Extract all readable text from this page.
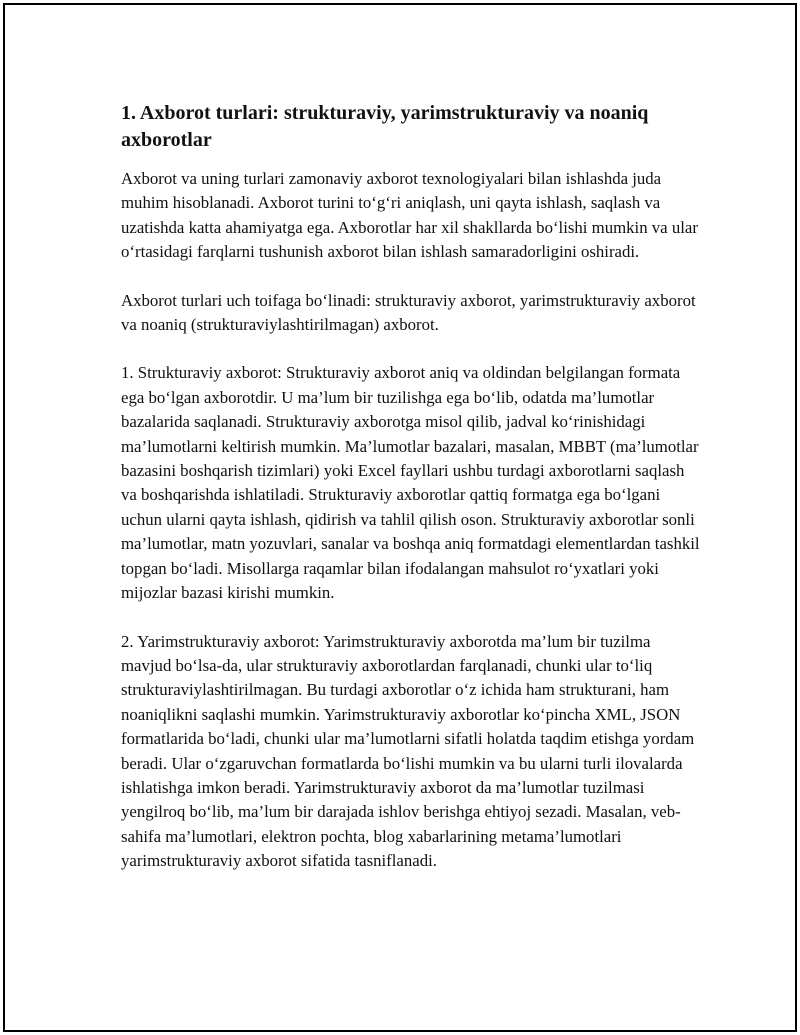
1. Axborot turlari: strukturaviy, yarimstrukturaviy va noaniq axborotlar

Axborot va uning turlari zamonaviy axborot texnologiyalari bilan ishlashda juda muhim hisoblanadi. Axborot turini to‘g‘ri aniqlash, uni qayta ishlash, saqlash va uzatishda katta ahamiyatga ega. Axborotlar har xil shakllarda bo‘lishi mumkin va ular o‘rtasidagi farqlarni tushunish axborot bilan ishlash samaradorligini oshiradi.

Axborot turlari uch toifaga bo‘linadi: strukturaviy axborot, yarimstrukturaviy axborot va noaniq (strukturaviylashtirilmagan) axborot.

1. Strukturaviy axborot: Strukturaviy axborot aniq va oldindan belgilangan formata ega bo‘lgan axborotdir. U ma’lum bir tuzilishga ega bo‘lib, odatda ma’lumotlar bazalarida saqlanadi. Strukturaviy axborotga misol qilib, jadval ko‘rinishidagi ma’lumotlarni keltirish mumkin. Ma’lumotlar bazalari, masalan, MBBT (ma’lumotlar bazasini boshqarish tizimlari) yoki Excel fayllari ushbu turdagi axborotlarni saqlash va boshqarishda ishlatiladi. Strukturaviy axborotlar qattiq formatga ega bo‘lgani uchun ularni qayta ishlash, qidirish va tahlil qilish oson. Strukturaviy axborotlar sonli ma’lumotlar, matn yozuvlari, sanalar va boshqa aniq formatdagi elementlardan tashkil topgan bo‘ladi. Misollarga raqamlar bilan ifodalangan mahsulot ro‘yxatlari yoki mijozlar bazasi kirishi mumkin.

2. Yarimstrukturaviy axborot: Yarimstrukturaviy axborotda ma’lum bir tuzilma mavjud bo‘lsa-da, ular strukturaviy axborotlardan farqlanadi, chunki ular to‘liq strukturaviylashtirilmagan. Bu turdagi axborotlar o‘z ichida ham strukturani, ham noaniqlikni saqlashi mumkin. Yarimstrukturaviy axborotlar ko‘pincha XML, JSON formatlarida bo‘ladi, chunki ular ma’lumotlarni sifatli holatda taqdim etishga yordam beradi. Ular o‘zgaruvchan formatlarda bo‘lishi mumkin va bu ularni turli ilovalarda ishlatishga imkon beradi. Yarimstrukturaviy axborot da ma’lumotlar tuzilmasi yengilroq bo‘lib, ma’lum bir darajada ishlov berishga ehtiyoj sezadi. Masalan, veb-sahifa ma’lumotlari, elektron pochta, blog xabarlarining metama’lumotlari yarimstrukturaviy axborot sifatida tasniflanadi.
